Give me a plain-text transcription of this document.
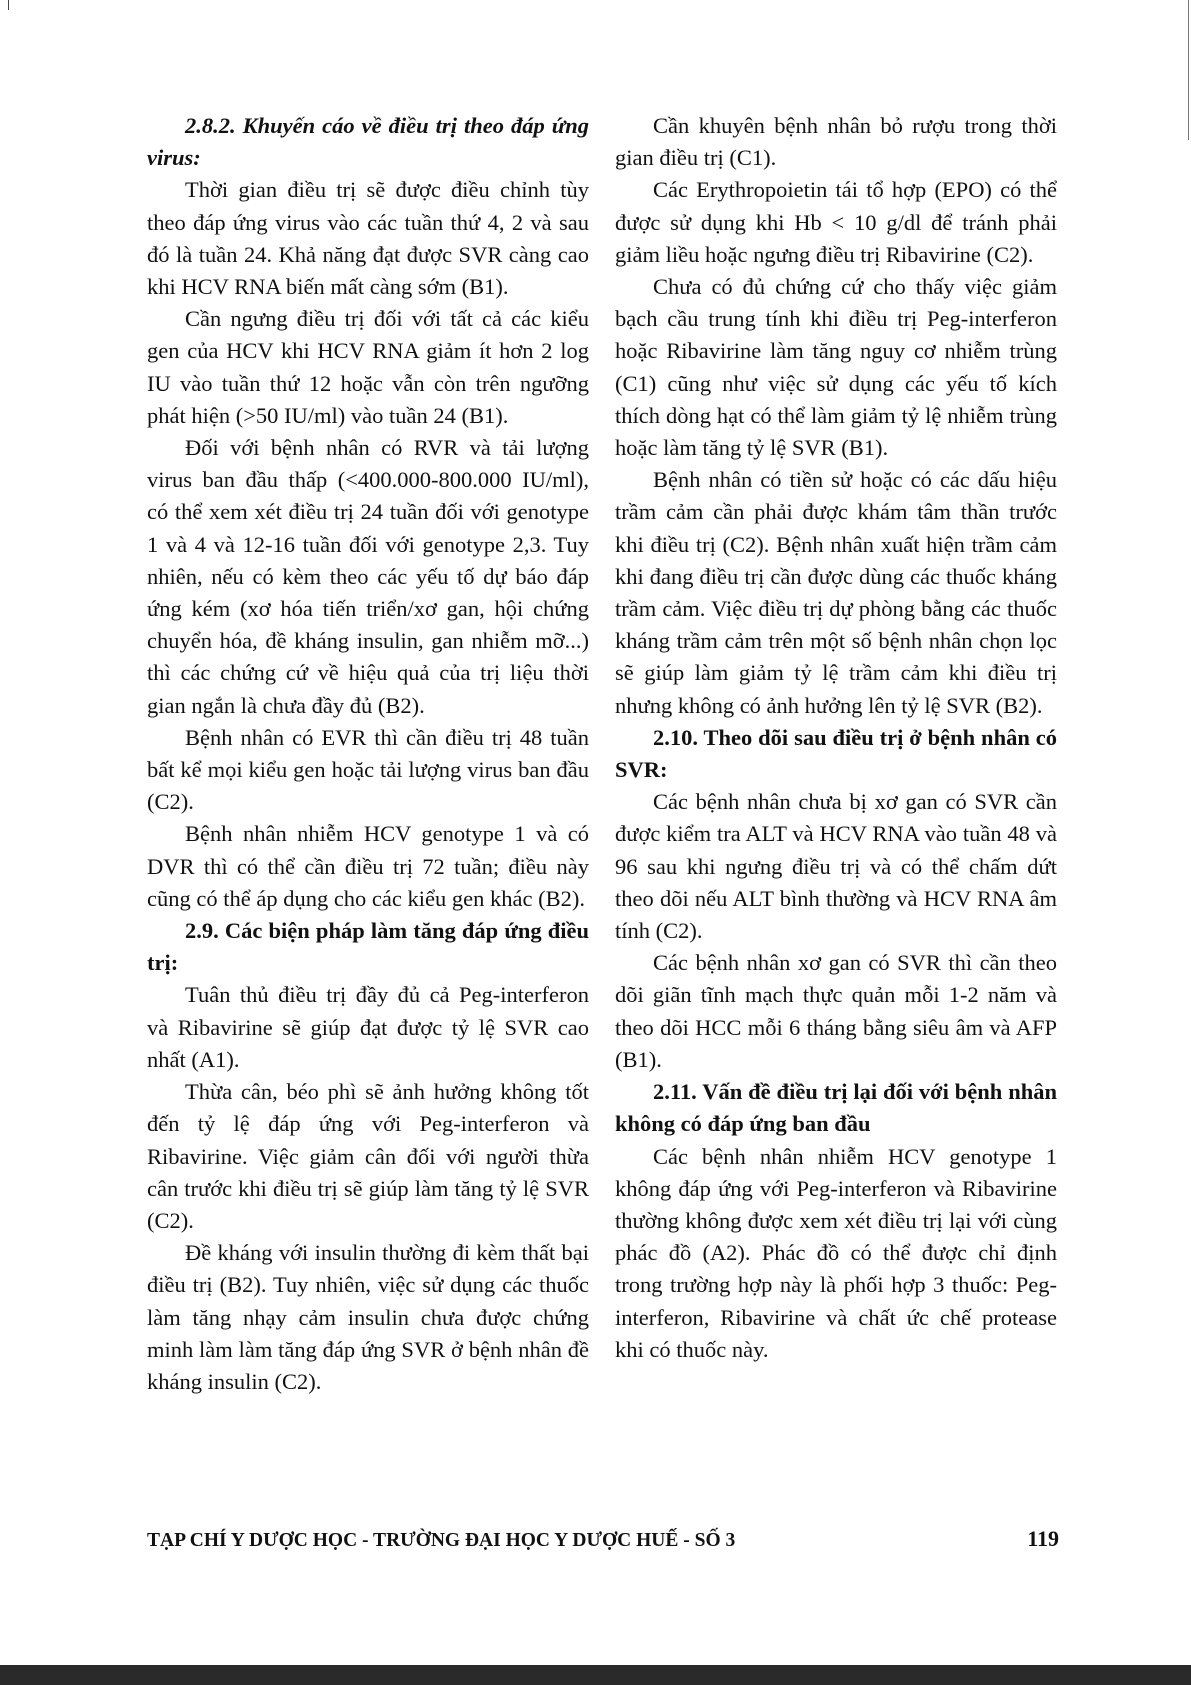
2.8.2. Khuyến cáo về điều trị theo đáp ứng virus:

Thời gian điều trị sẽ được điều chỉnh tùy theo đáp ứng virus vào các tuần thứ 4, 2 và sau đó là tuần 24. Khả năng đạt được SVR càng cao khi HCV RNA biến mất càng sớm (B1).

Cần ngưng điều trị đối với tất cả các kiểu gen của HCV khi HCV RNA giảm ít hơn 2 log IU vào tuần thứ 12 hoặc vẫn còn trên ngưỡng phát hiện (>50 IU/ml) vào tuần 24 (B1).

Đối với bệnh nhân có RVR và tải lượng virus ban đầu thấp (<400.000-800.000 IU/ml), có thể xem xét điều trị 24 tuần đối với genotype 1 và 4 và 12-16 tuần đối với genotype 2,3. Tuy nhiên, nếu có kèm theo các yếu tố dự báo đáp ứng kém (xơ hóa tiến triển/xơ gan, hội chứng chuyển hóa, đề kháng insulin, gan nhiễm mỡ...) thì các chứng cứ về hiệu quả của trị liệu thời gian ngắn là chưa đầy đủ (B2).

Bệnh nhân có EVR thì cần điều trị 48 tuần bất kể mọi kiểu gen hoặc tải lượng virus ban đầu (C2).

Bệnh nhân nhiễm HCV genotype 1 và có DVR thì có thể cần điều trị 72 tuần; điều này cũng có thể áp dụng cho các kiểu gen khác (B2).

2.9. Các biện pháp làm tăng đáp ứng điều trị:

Tuân thủ điều trị đầy đủ cả Peg-interferon và Ribavirine sẽ giúp đạt được tỷ lệ SVR cao nhất (A1).

Thừa cân, béo phì sẽ ảnh hưởng không tốt đến tỷ lệ đáp ứng với Peg-interferon và Ribavirine. Việc giảm cân đối với người thừa cân trước khi điều trị sẽ giúp làm tăng tỷ lệ SVR (C2).

Đề kháng với insulin thường đi kèm thất bại điều trị (B2). Tuy nhiên, việc sử dụng các thuốc làm tăng nhạy cảm insulin chưa được chứng minh làm làm tăng đáp ứng SVR ở bệnh nhân đề kháng insulin (C2).

Cần khuyên bệnh nhân bỏ rượu trong thời gian điều trị (C1).

Các Erythropoietin tái tổ hợp (EPO) có thể được sử dụng khi Hb < 10 g/dl để tránh phải giảm liều hoặc ngưng điều trị Ribavirine (C2).

Chưa có đủ chứng cứ cho thấy việc giảm bạch cầu trung tính khi điều trị Peg-interferon hoặc Ribavirine làm tăng nguy cơ nhiễm trùng (C1) cũng như việc sử dụng các yếu tố kích thích dòng hạt có thể làm giảm tỷ lệ nhiễm trùng hoặc làm tăng tỷ lệ SVR (B1).

Bệnh nhân có tiền sử hoặc có các dấu hiệu trầm cảm cần phải được khám tâm thần trước khi điều trị (C2). Bệnh nhân xuất hiện trầm cảm khi đang điều trị cần được dùng các thuốc kháng trầm cảm. Việc điều trị dự phòng bằng các thuốc kháng trầm cảm trên một số bệnh nhân chọn lọc sẽ giúp làm giảm tỷ lệ trầm cảm khi điều trị nhưng không có ảnh hưởng lên tỷ lệ SVR (B2).

2.10. Theo dõi sau điều trị ở bệnh nhân có SVR:

Các bệnh nhân chưa bị xơ gan có SVR cần được kiểm tra ALT và HCV RNA vào tuần 48 và 96 sau khi ngưng điều trị và có thể chấm dứt theo dõi nếu ALT bình thường và HCV RNA âm tính (C2).

Các bệnh nhân xơ gan có SVR thì cần theo dõi giãn tĩnh mạch thực quản mỗi 1-2 năm và theo dõi HCC mỗi 6 tháng bằng siêu âm và AFP (B1).

2.11. Vấn đề điều trị lại đối với bệnh nhân không có đáp ứng ban đầu

Các bệnh nhân nhiễm HCV genotype 1 không đáp ứng với Peg-interferon và Ribavirine thường không được xem xét điều trị lại với cùng phác đồ (A2). Phác đồ có thể được chỉ định trong trường hợp này là phối hợp 3 thuốc: Peg-interferon, Ribavirine và chất ức chế protease khi có thuốc này.

TẠP CHÍ Y DƯỢC HỌC - TRƯỜNG ĐẠI HỌC Y DƯỢC HUẾ - SỐ 3	119
